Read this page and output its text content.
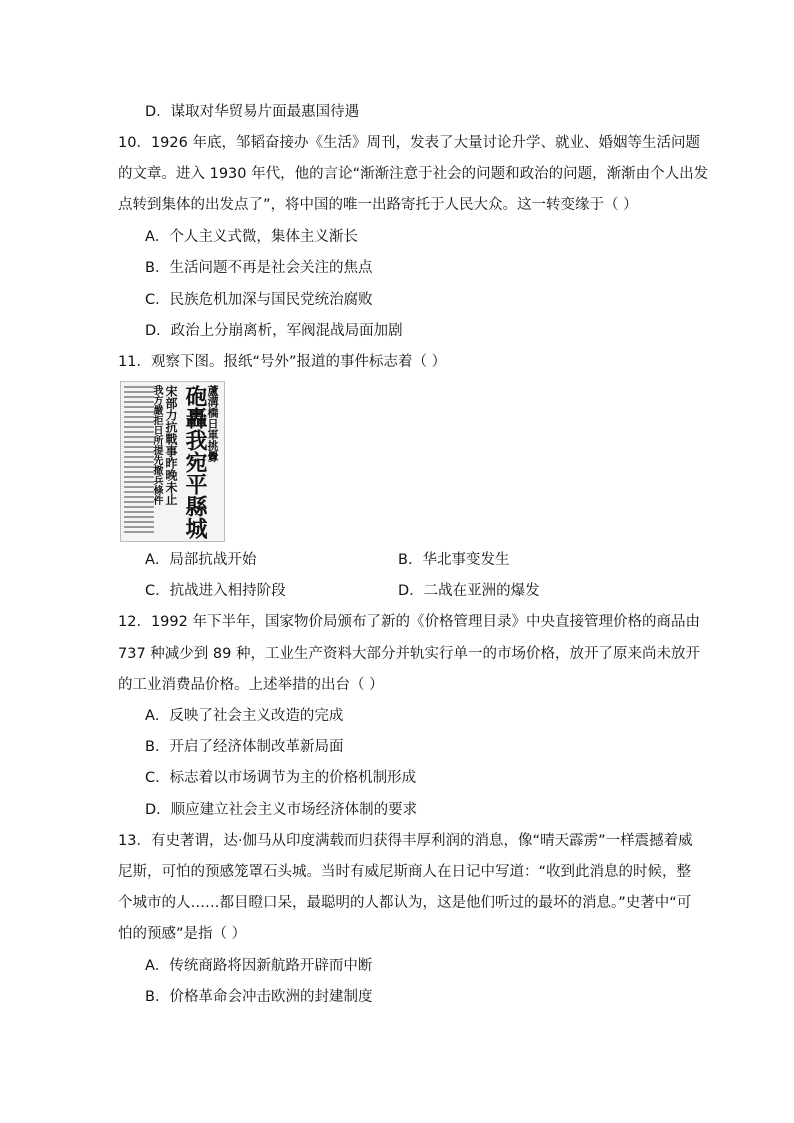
D．谋取对华贸易片面最惠国待遇
10．1926 年底，邹韬奋接办《生活》周刊，发表了大量讨论升学、就业、婚姻等生活问题
的文章。进入 1930 年代，他的言论“渐渐注意于社会的问题和政治的问题，渐渐由个人出发
点转到集体的出发点了”，将中国的唯一出路寄托于人民大众。这一转变缘于（ ）
A．个人主义式微，集体主义渐长
B．生活问题不再是社会关注的焦点
C．民族危机加深与国民党统治腐败
D．政治上分崩离析，军阀混战局面加剧
11．观察下图。报纸“号外”报道的事件标志着（ ）
蘆溝橋日軍挑釁
砲轟我宛平縣城
宋部力抗戰事昨晚未止
我方嚴拒日所提先撤兵條件
A．局部抗战开始	B．华北事变发生
C．抗战进入相持阶段	D．二战在亚洲的爆发
12．1992 年下半年，国家物价局颁布了新的《价格管理目录》中央直接管理价格的商品由
737 种减少到 89 种，工业生产资料大部分并轨实行单一的市场价格，放开了原来尚未放开
的工业消费品价格。上述举措的出台（ ）
A．反映了社会主义改造的完成
B．开启了经济体制改革新局面
C．标志着以市场调节为主的价格机制形成
D．顺应建立社会主义市场经济体制的要求
13．有史著谓，达·伽马从印度满载而归获得丰厚利润的消息，像“晴天霹雳”一样震撼着威
尼斯，可怕的预感笼罩石头城。当时有威尼斯商人在日记中写道：“收到此消息的时候，整
个城市的人……都目瞪口呆，最聪明的人都认为，这是他们听过的最坏的消息。”史著中“可
怕的预感”是指（ ）
A．传统商路将因新航路开辟而中断
B．价格革命会冲击欧洲的封建制度
